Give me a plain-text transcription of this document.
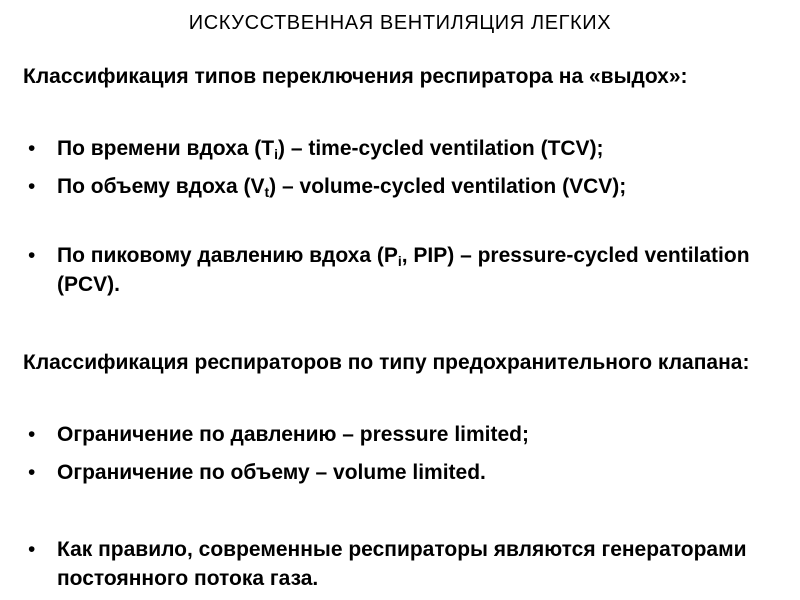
ИСКУССТВЕННАЯ ВЕНТИЛЯЦИЯ ЛЕГКИХ

Классификация типов переключения респиратора на «выдох»:

• По времени вдоха $(T_i)$ – time-cycled ventilation (TCV);
• По объему вдоха $(V_t)$ – volume-cycled ventilation (VCV);
• По пиковому давлению вдоха ($P_i$, PIP) – pressure-cycled ventilation (PCV).

Классификация респираторов по типу предохранительного клапана:

• Ограничение по давлению – pressure limited;
• Ограничение по объему – volume limited.
• Как правило, современные респираторы являются генераторами постоянного потока газа.
